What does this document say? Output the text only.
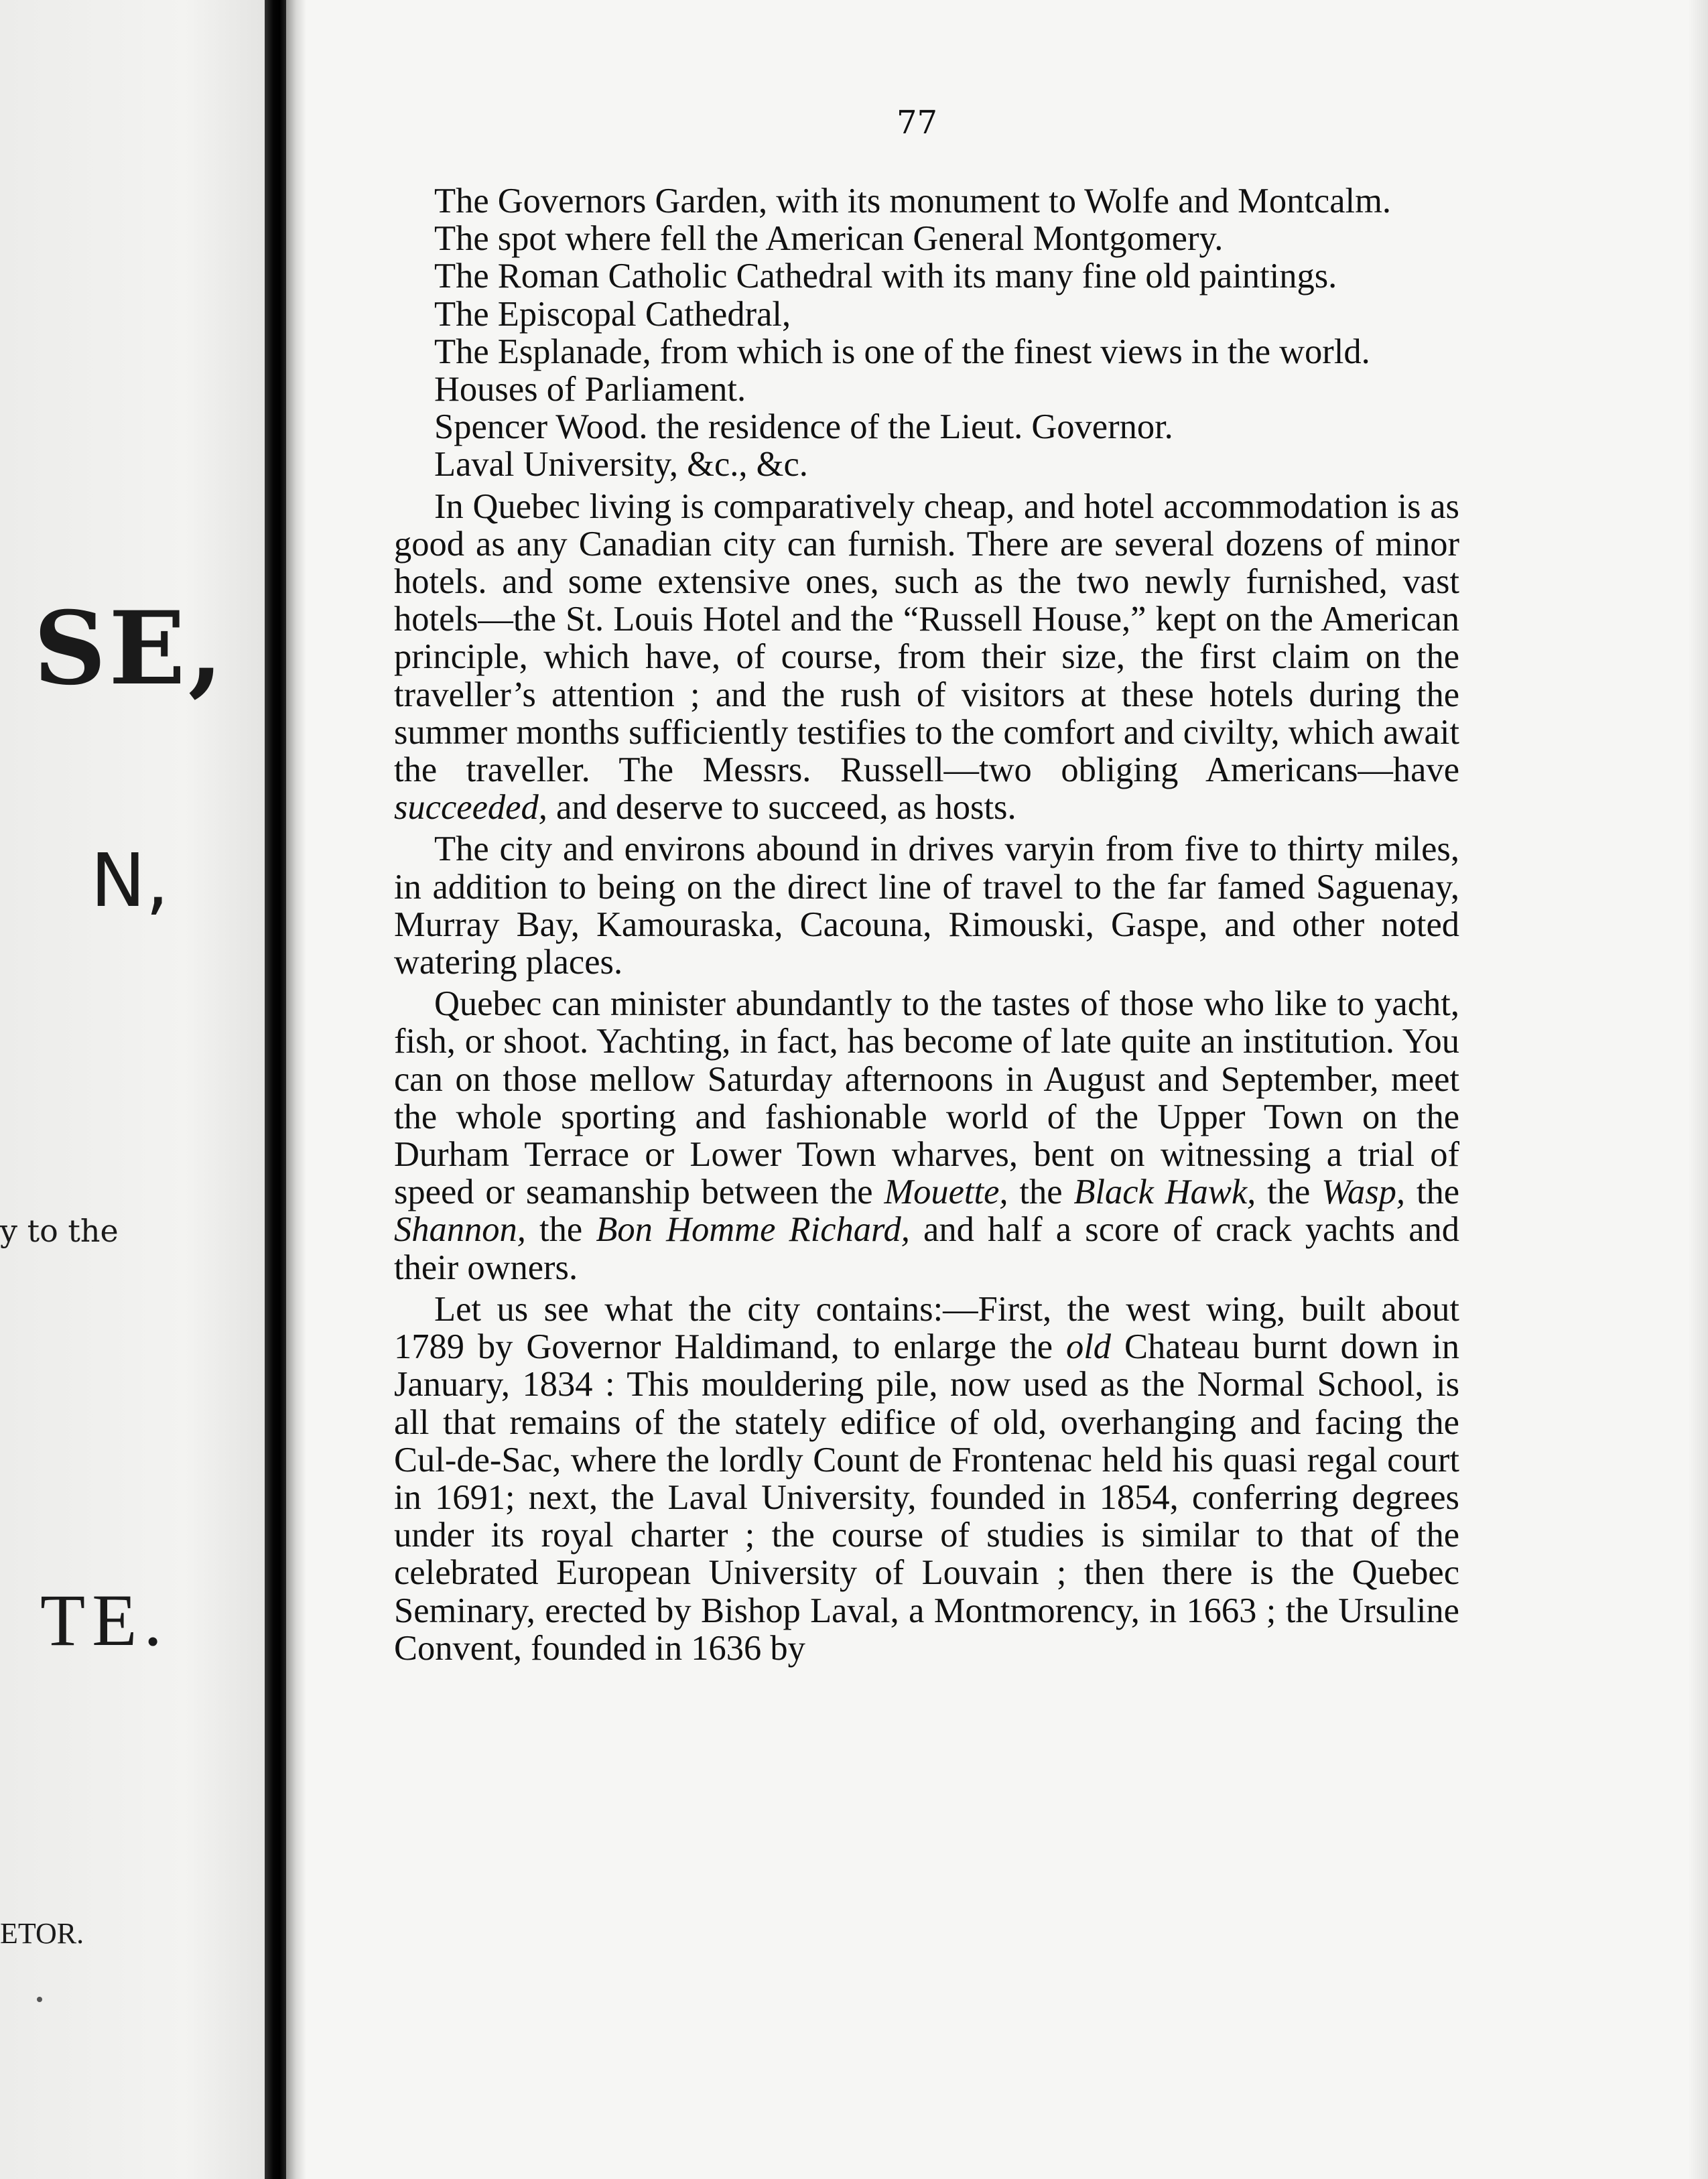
SE,
N,
y to the
TE.
ETOR.

77

The Governors Garden, with its monument to Wolfe and Montcalm.

The spot where fell the American General Montgomery.

The Roman Catholic Cathedral with its many fine old paintings.

The Episcopal Cathedral,

The Esplanade, from which is one of the finest views in the world.

Houses of Parliament.

Spencer Wood. the residence of the Lieut. Governor.

Laval University, &c., &c.

In Quebec living is comparatively cheap, and hotel accommodation is as good as any Canadian city can furnish. There are several dozens of minor hotels. and some extensive ones, such as the two newly furnished, vast hotels—the St. Louis Hotel and the “Russell House,” kept on the American principle, which have, of course, from their size, the first claim on the traveller’s attention ; and the rush of visitors at these hotels during the summer months sufficiently testifies to the comfort and civilty, which await the traveller. The Messrs. Russell—two obliging Americans—have succeeded, and deserve to succeed, as hosts.

The city and environs abound in drives varyin from five to thirty miles, in addition to being on the direct line of travel to the far famed Saguenay, Murray Bay, Kamouraska, Cacouna, Rimouski, Gaspe, and other noted watering places.

Quebec can minister abundantly to the tastes of those who like to yacht, fish, or shoot. Yachting, in fact, has become of late quite an institution. You can on those mellow Saturday afternoons in August and September, meet the whole sporting and fashionable world of the Upper Town on the Durham Terrace or Lower Town wharves, bent on witnessing a trial of speed or seamanship between the Mouette, the Black Hawk, the Wasp, the Shannon, the Bon Homme Richard, and half a score of crack yachts and their owners.

Let us see what the city contains:—First, the west wing, built about 1789 by Governor Haldimand, to enlarge the old Chateau burnt down in January, 1834 : This mouldering pile, now used as the Normal School, is all that remains of the stately edifice of old, overhanging and facing the Cul-de-Sac, where the lordly Count de Frontenac held his quasi regal court in 1691; next, the Laval University, founded in 1854, conferring degrees under its royal charter ; the course of studies is similar to that of the celebrated European University of Louvain ; then there is the Quebec Seminary, erected by Bishop Laval, a Montmorency, in 1663 ; the Ursuline Convent, founded in 1636 by
